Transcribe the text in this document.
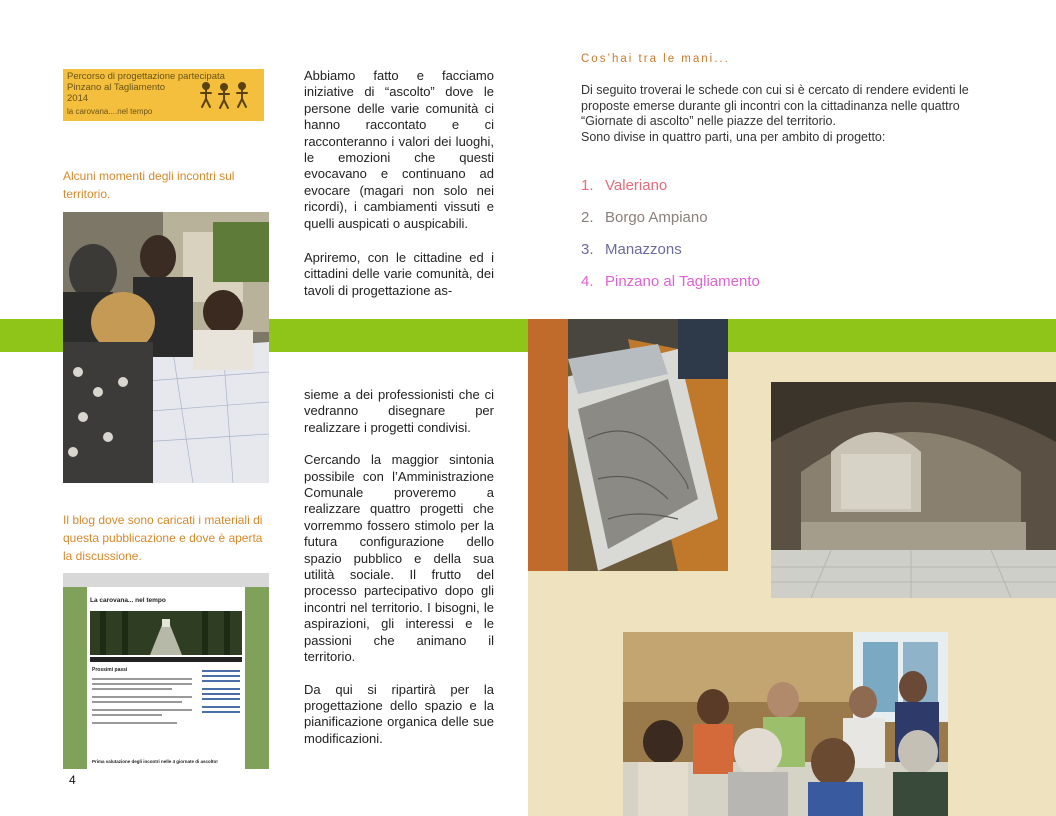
Percorso di progettazione partecipata
Pinzano al Tagliamento
2014
la carovana....nel tempo
Alcuni momenti degli incontri sul territorio.
Il blog dove sono caricati i materiali di questa pubblicazione e dove è aperta la discussione.
La carovana... nel tempo
Prossimi passi
Prima valutazione degli incontri nelle 4 giornate di ascolto!
4

Abbiamo fatto e facciamo iniziative di “ascolto” dove le persone delle varie comunità ci hanno raccontato e ci racconteranno i valori dei luoghi, le emozioni che questi evocavano e continuano ad evocare (magari non solo nei ricordi), i cambiamenti vissuti e quelli auspicati o auspicabili.

Apriremo, con le cittadine ed i cittadini delle varie comunità, dei tavoli di progettazione as-

sieme a dei professionisti che ci vedranno disegnare per realizzare i progetti condivisi.

Cercando la maggior sintonia possibile con l’Amministrazione Comunale proveremo a realizzare quattro progetti che vorremmo fossero stimolo per la futura configurazione dello spazio pubblico e della sua utilità sociale. Il frutto del processo partecipativo dopo gli incontri nel territorio. I bisogni, le aspirazioni, gli interessi e le passioni che animano il territorio.

Da qui si ripartirà per la progettazione dello spazio e la pianificazione organica delle sue modificazioni.

Cos’hai tra le mani...
Di seguito troverai le schede con cui si è cercato di rendere evidenti le proposte emerse durante gli incontri con la cittadinanza nelle quattro “Giornate di ascolto” nelle piazze del territorio.
Sono divise in quattro parti, una per ambito di progetto:
1. Valeriano
2. Borgo Ampiano
3. Manazzons
4. Pinzano al Tagliamento
